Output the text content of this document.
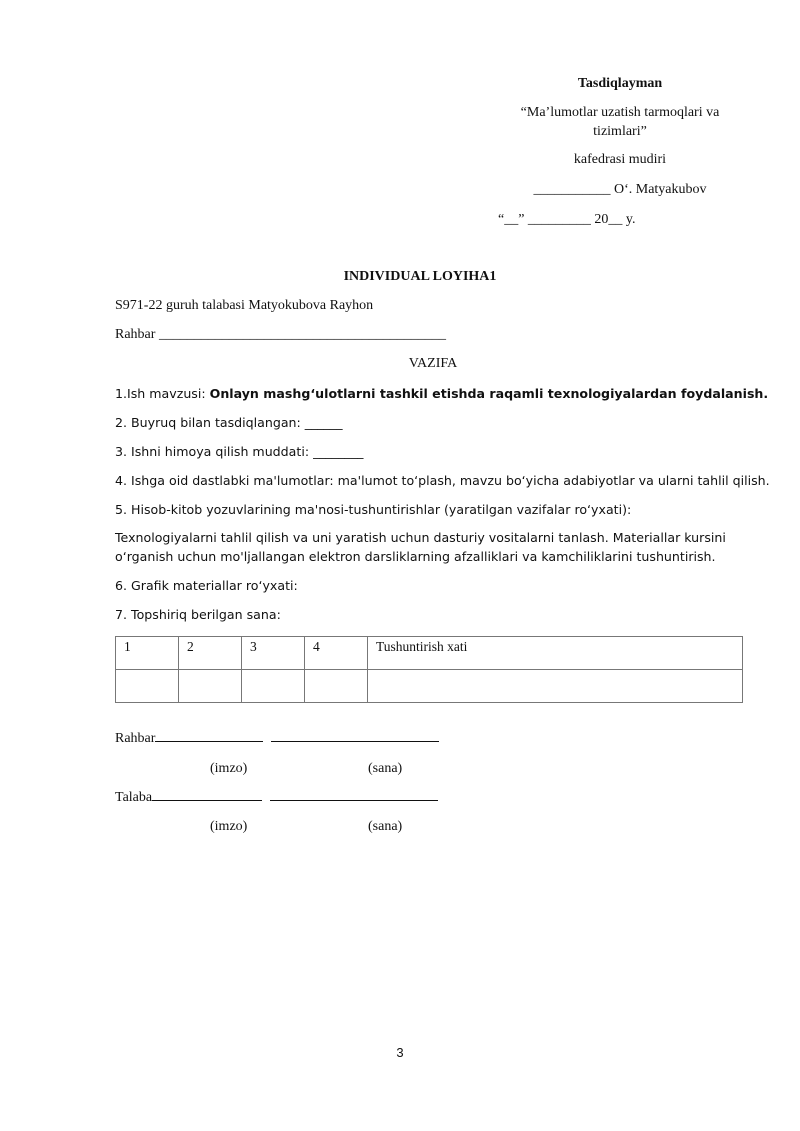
Tasdiqlayman
“Ma’lumotlar uzatish tarmoqlari va
tizimlari”
kafedrasi mudiri
___________ O‘. Matyakubov
“__” _________ 20__ y.
INDIVIDUAL LOYIHA1
S971-22 guruh talabasi Matyokubova Rayhon
Rahbar _________________________________________
VAZIFA
1.Ish mavzusi: Onlayn mashg‘ulotlarni tashkil etishda raqamli texnologiyalardan foydalanish.
2. Buyruq bilan tasdiqlangan: ______
3. Ishni himoya qilish muddati: ________
4. Ishga oid dastlabki ma'lumotlar: ma'lumot to‘plash, mavzu bo‘yicha adabiyotlar va ularni tahlil qilish.
5. Hisob-kitob yozuvlarining ma'nosi-tushuntirishlar (yaratilgan vazifalar ro‘yxati):
Texnologiyalarni tahlil qilish va uni yaratish uchun dasturiy vositalarni tanlash. Materiallar kursini
o‘rganish uchun mo'ljallangan elektron darsliklarning afzalliklari va kamchiliklarini tushuntirish.
6. Grafik materiallar ro‘yxati:
7. Topshiriq berilgan sana:
1	2	3	4	Tushuntirish xati

Rahbar
(imzo)	(sana)
Talaba
(imzo)	(sana)
3
